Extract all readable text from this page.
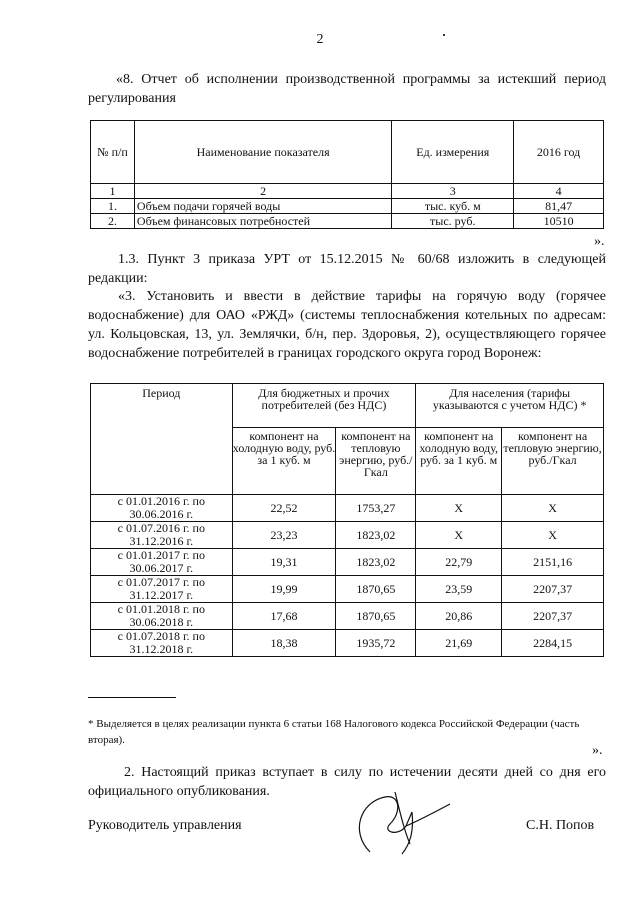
2
«8. Отчет об исполнении производственной программы за истекший период регулирования
№ п/п	Наименование показателя	Ед. измерения	2016 год
1	2	3	4
1.	Объем подачи горячей воды	тыс. куб. м	81,47
2.	Объем финансовых потребностей	тыс. руб.	10510
».
1.3. Пункт 3 приказа УРТ от 15.12.2015 № 60/68 изложить в следующей редакции:
«3. Установить и ввести в действие тарифы на горячую воду (горячее водоснабжение) для ОАО «РЖД» (системы теплоснабжения котельных по адресам: ул. Кольцовская, 13, ул. Землячки, б/н, пер. Здоровья, 2), осуществляющего горячее водоснабжение потребителей в границах городского округа город Воронеж:
Период	Для бюджетных и прочих потребителей (без НДС)		Для населения (тарифы указываются с учетом НДС) *	
	компонент на холодную воду, руб. за 1 куб. м	компонент на тепловую энергию, руб./Гкал	компонент на холодную воду, руб. за 1 куб. м	компонент на тепловую энергию, руб./Гкал
с 01.01.2016 г. по 30.06.2016 г.	22,52	1753,27	Х	Х
с 01.07.2016 г. по 31.12.2016 г.	23,23	1823,02	Х	Х
с 01.01.2017 г. по 30.06.2017 г.	19,31	1823,02	22,79	2151,16
с 01.07.2017 г. по 31.12.2017 г.	19,99	1870,65	23,59	2207,37
с 01.01.2018 г. по 30.06.2018 г.	17,68	1870,65	20,86	2207,37
с 01.07.2018 г. по 31.12.2018 г.	18,38	1935,72	21,69	2284,15
* Выделяется в целях реализации пункта 6 статьи 168 Налогового кодекса Российской Федерации (часть вторая).
».
2. Настоящий приказ вступает в силу по истечении десяти дней со дня его официального опубликования.
Руководитель управления	С.Н. Попов
